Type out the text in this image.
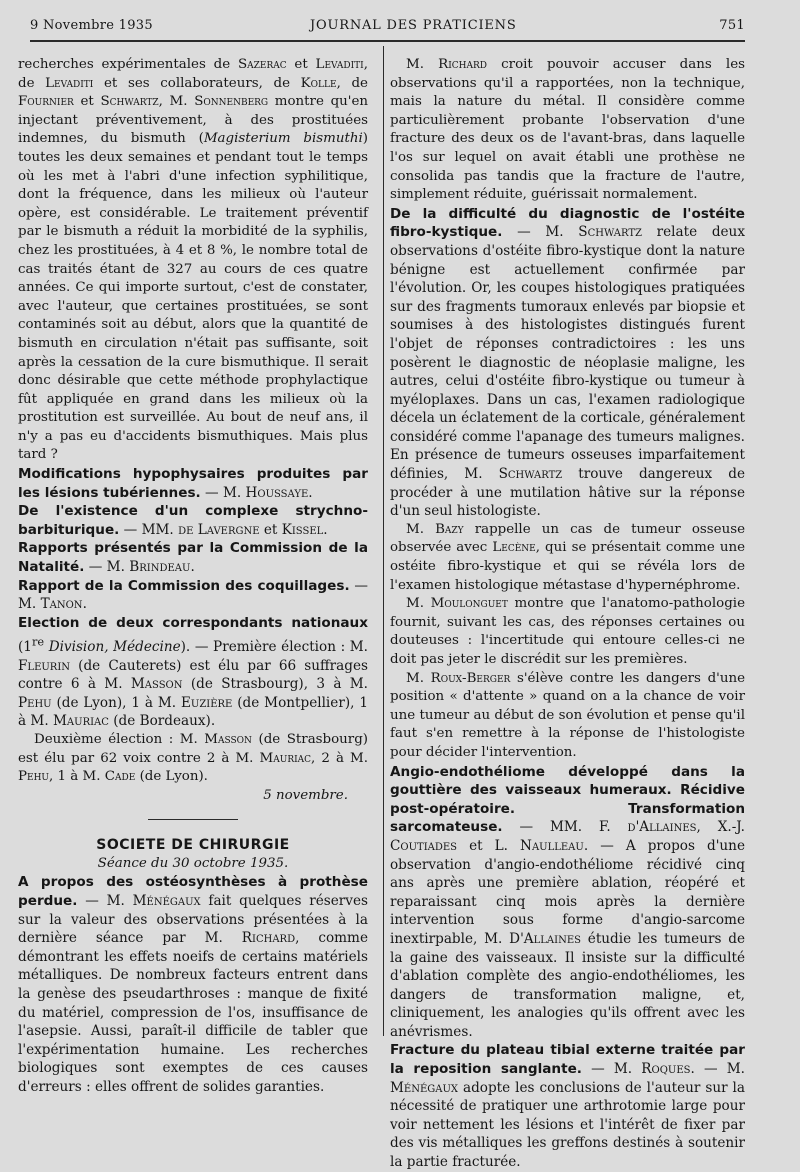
9 Novembre 1935	JOURNAL DES PRATICIENS	751

recherches expérimentales de Sazerac et Levaditi, de Levaditi et ses collaborateurs, de Kolle, de Fournier et Schwartz, M. Sonnenberg montre qu'en injectant préventivement, à des prostituées indemnes, du bismuth (Magisterium bismuthi) toutes les deux semaines et pendant tout le temps où les met à l'abri d'une infection syphilitique, dont la fréquence, dans les milieux où l'auteur opère, est considérable. Le traitement préventif par le bismuth a réduit la morbidité de la syphilis, chez les prostituées, à 4 et 8 %, le nombre total de cas traités étant de 327 au cours de ces quatre années. Ce qui importe surtout, c'est de constater, avec l'auteur, que certaines prostituées, se sont contaminés soit au début, alors que la quantité de bismuth en circulation n'était pas suffisante, soit après la cessation de la cure bismuthique. Il serait donc désirable que cette méthode prophylactique fût appliquée en grand dans les milieux où la prostitution est surveillée. Au bout de neuf ans, il n'y a pas eu d'accidents bismuthiques. Mais plus tard ?

Modifications hypophysaires produites par les lésions tubériennes. — M. Houssaye.

De l'existence d'un complexe strychno-barbiturique. — MM. de Lavergne et Kissel.

Rapports présentés par la Commission de la Natalité. — M. Brindeau.

Rapport de la Commission des coquillages. — M. Tanon.

Election de deux correspondants nationaux (1re Division, Médecine). — Première élection : M. Fleurin (de Cauterets) est élu par 66 suffrages contre 6 à M. Masson (de Strasbourg), 3 à M. Pehu (de Lyon), 1 à M. Euzière (de Montpellier), 1 à M. Mauriac (de Bordeaux).

Deuxième élection : M. Masson (de Strasbourg) est élu par 62 voix contre 2 à M. Mauriac, 2 à M. Pehu, 1 à M. Cade (de Lyon).

5 novembre.

SOCIETE DE CHIRURGIE

Séance du 30 octobre 1935.

A propos des ostéosynthèses à prothèse perdue. — M. Ménégaux fait quelques réserves sur la valeur des observations présentées à la dernière séance par M. Richard, comme démontrant les effets noeifs de certains matériels métalliques. De nombreux facteurs entrent dans la genèse des pseudarthroses : manque de fixité du matériel, compression de l'os, insuffisance de l'asepsie. Aussi, paraît-il difficile de tabler que l'expérimentation humaine. Les recherches biologiques sont exemptes de ces causes d'erreurs : elles offrent de solides garanties.

M. Richard croit pouvoir accuser dans les observations qu'il a rapportées, non la technique, mais la nature du métal. Il considère comme particulièrement probante l'observation d'une fracture des deux os de l'avant-bras, dans laquelle l'os sur lequel on avait établi une prothèse ne consolida pas tandis que la fracture de l'autre, simplement réduite, guérissait normalement.

De la difficulté du diagnostic de l'ostéite fibro-kystique. — M. Schwartz relate deux observations d'ostéite fibro-kystique dont la nature bénigne est actuellement confirmée par l'évolution. Or, les coupes histologiques pratiquées sur des fragments tumoraux enlevés par biopsie et soumises à des histologistes distingués furent l'objet de réponses contradictoires : les uns posèrent le diagnostic de néoplasie maligne, les autres, celui d'ostéite fibro-kystique ou tumeur à myéloplaxes. Dans un cas, l'examen radiologique décela un éclatement de la corticale, généralement considéré comme l'apanage des tumeurs malignes. En présence de tumeurs osseuses imparfaitement définies, M. Schwartz trouve dangereux de procéder à une mutilation hâtive sur la réponse d'un seul histologiste.

M. Bazy rappelle un cas de tumeur osseuse observée avec Lecène, qui se présentait comme une ostéite fibro-kystique et qui se révéla lors de l'examen histologique métastase d'hypernéphrome.

M. Moulonguet montre que l'anatomo-pathologie fournit, suivant les cas, des réponses certaines ou douteuses : l'incertitude qui entoure celles-ci ne doit pas jeter le discrédit sur les premières.

M. Roux-Berger s'élève contre les dangers d'une position « d'attente » quand on a la chance de voir une tumeur au début de son évolution et pense qu'il faut s'en remettre à la réponse de l'histologiste pour décider l'intervention.

Angio-endothéliome développé dans la gouttière des vaisseaux humeraux. Récidive post-opératoire. Transformation sarcomateuse. — MM. F. d'Allaines, X.-J. Coutiades et L. Naulleau. — A propos d'une observation d'angio-endothéliome récidivé cinq ans après une première ablation, réopéré et reparaissant cinq mois après la dernière intervention sous forme d'angio-sarcome inextirpable, M. D'Allaines étudie les tumeurs de la gaine des vaisseaux. Il insiste sur la difficulté d'ablation complète des angio-endothéliomes, les dangers de transformation maligne, et, cliniquement, les analogies qu'ils offrent avec les anévrismes.

Fracture du plateau tibial externe traitée par la reposition sanglante. — M. Roques. — M. Ménégaux adopte les conclusions de l'auteur sur la nécessité de pratiquer une arthrotomie large pour voir nettement les lésions et l'intérêt de fixer par des vis métalliques les greffons destinés à soutenir la partie fracturée.
